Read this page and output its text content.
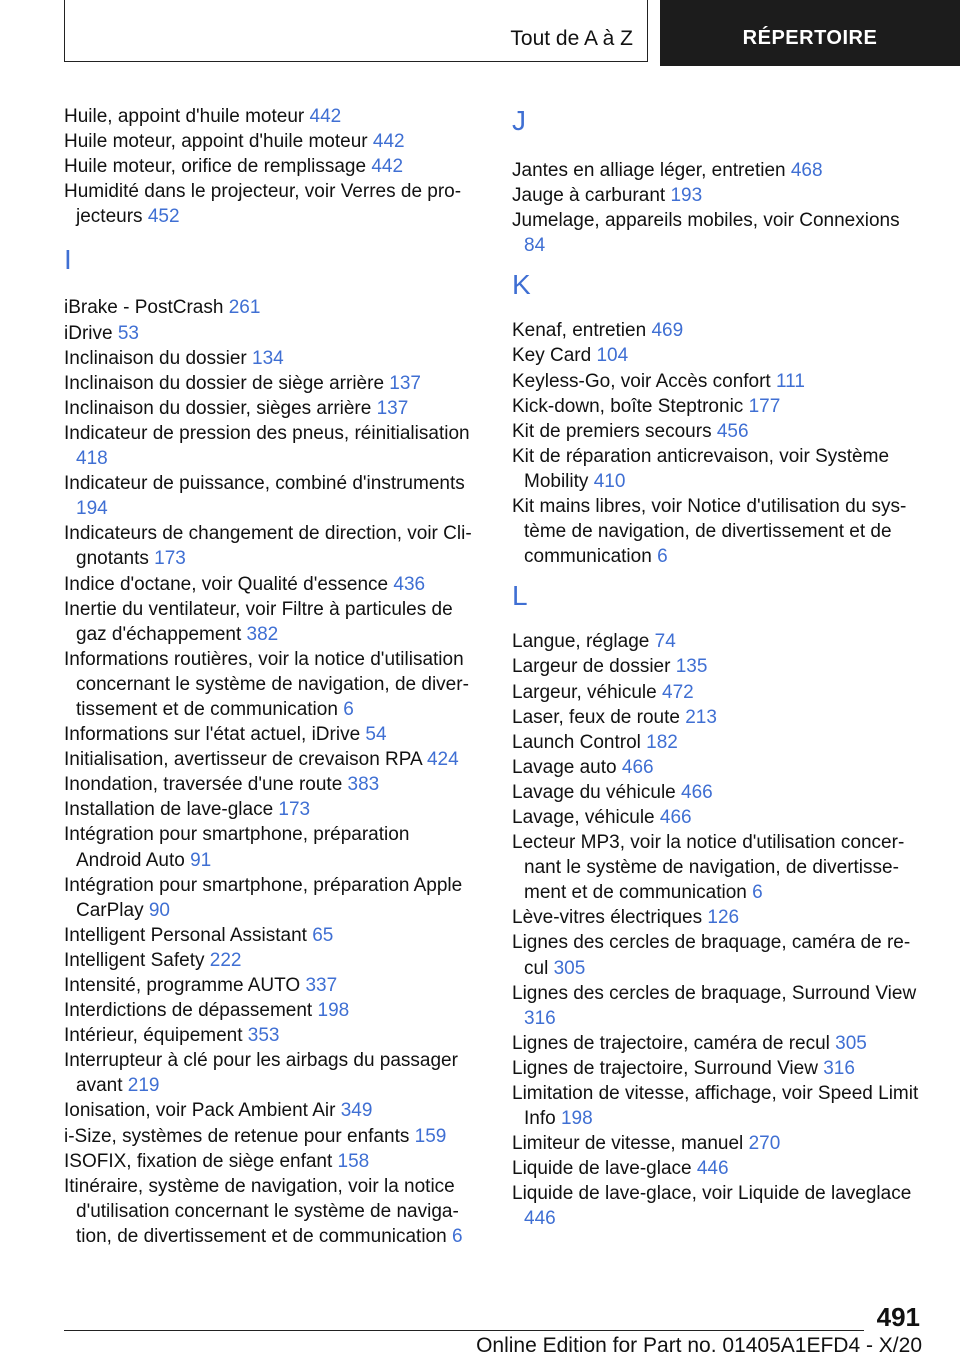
Tout de A à Z	RÉPERTOIRE

Huile, appoint d'huile moteur 442

Huile moteur, appoint d'huile moteur 442

Huile moteur, orifice de remplissage 442

Humidité dans le projecteur, voir Verres de projecteurs 452

I

iBrake - PostCrash 261

iDrive 53

Inclinaison du dossier 134

Inclinaison du dossier de siège arrière 137

Inclinaison du dossier, sièges arrière 137

Indicateur de pression des pneus, réinitialisation 418

Indicateur de puissance, combiné d'instruments 194

Indicateurs de changement de direction, voir Clignotants 173

Indice d'octane, voir Qualité d'essence 436

Inertie du ventilateur, voir Filtre à particules de gaz d'échappement 382

Informations routières, voir la notice d'utilisation concernant le système de navigation, de divertissement et de communication 6

Informations sur l'état actuel, iDrive 54

Initialisation, avertisseur de crevaison RPA 424

Inondation, traversée d'une route 383

Installation de lave-glace 173

Intégration pour smartphone, préparation Android Auto 91

Intégration pour smartphone, préparation Apple CarPlay 90

Intelligent Personal Assistant 65

Intelligent Safety 222

Intensité, programme AUTO 337

Interdictions de dépassement 198

Intérieur, équipement 353

Interrupteur à clé pour les airbags du passager avant 219

Ionisation, voir Pack Ambient Air 349

i-Size, systèmes de retenue pour enfants 159

ISOFIX, fixation de siège enfant 158

Itinéraire, système de navigation, voir la notice d'utilisation concernant le système de navigation, de divertissement et de communication 6

J

Jantes en alliage léger, entretien 468

Jauge à carburant 193

Jumelage, appareils mobiles, voir Connexions 84

K

Kenaf, entretien 469

Key Card 104

Keyless-Go, voir Accès confort 111

Kick-down, boîte Steptronic 177

Kit de premiers secours 456

Kit de réparation anticrevaison, voir Système Mobility 410

Kit mains libres, voir Notice d'utilisation du système de navigation, de divertissement et de communication 6

L

Langue, réglage 74

Largeur de dossier 135

Largeur, véhicule 472

Laser, feux de route 213

Launch Control 182

Lavage auto 466

Lavage du véhicule 466

Lavage, véhicule 466

Lecteur MP3, voir la notice d'utilisation concernant le système de navigation, de divertissement et de communication 6

Lève-vitres électriques 126

Lignes des cercles de braquage, caméra de recul 305

Lignes des cercles de braquage, Surround View 316

Lignes de trajectoire, caméra de recul 305

Lignes de trajectoire, Surround View 316

Limitation de vitesse, affichage, voir Speed Limit Info 198

Limiteur de vitesse, manuel 270

Liquide de lave-glace 446

Liquide de lave-glace, voir Liquide de laveglace 446

491
Online Edition for Part no. 01405A1EFD4 - X/20
